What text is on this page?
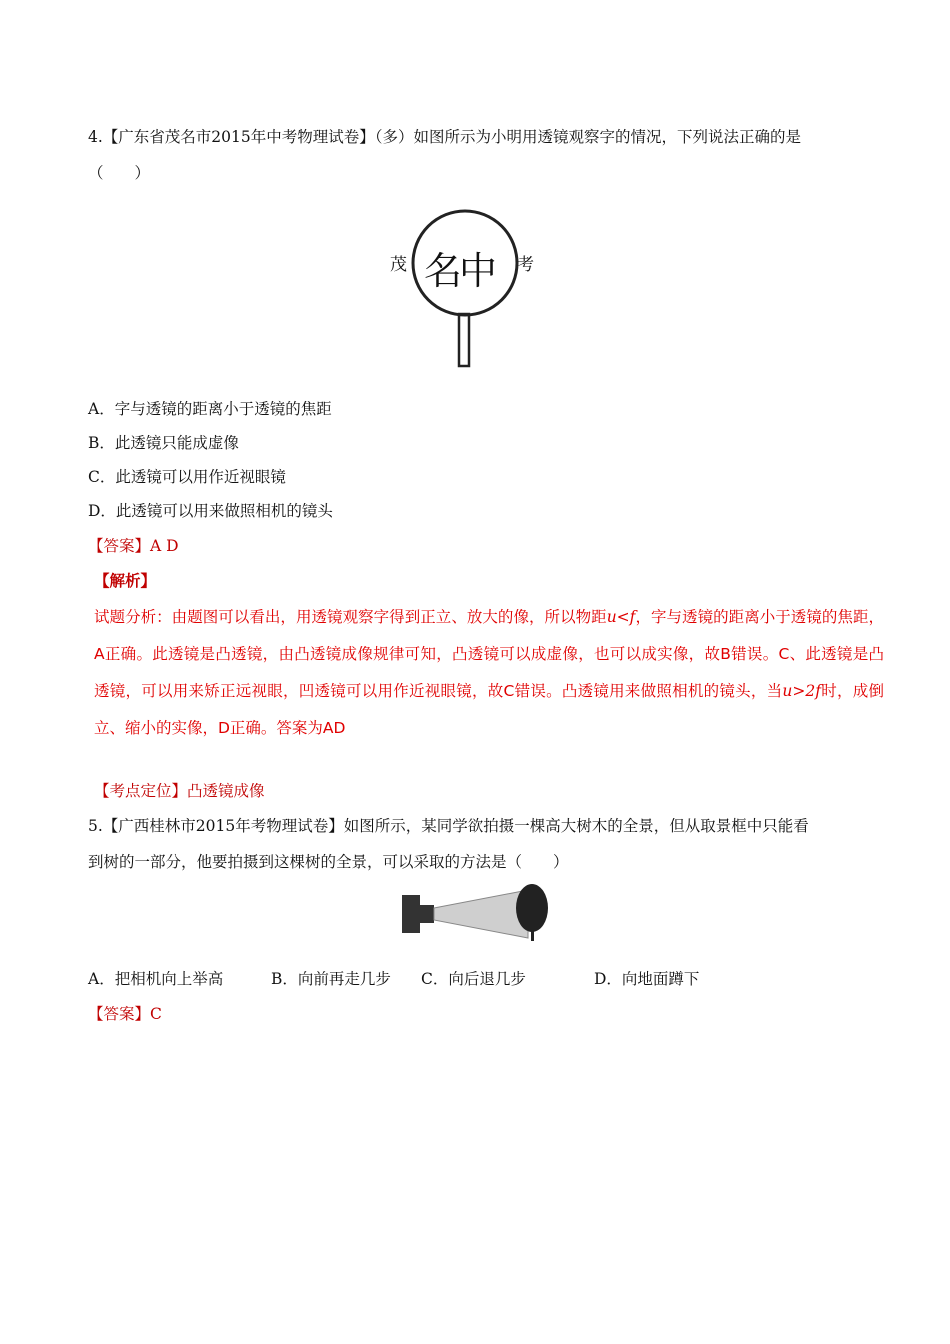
4.【广东省茂名市2015年中考物理试卷】（多）如图所示为小明用透镜观察字的情况，下列说法正确的是
（　　）
茂 名中 考
A．字与透镜的距离小于透镜的焦距
B．此透镜只能成虚像
C．此透镜可以用作近视眼镜
D．此透镜可以用来做照相机的镜头
【答案】A D
【解析】
试题分析：由题图可以看出，用透镜观察字得到正立、放大的像，所以物距u<f，字与透镜的距离小于透镜的焦距，A正确。此透镜是凸透镜，由凸透镜成像规律可知，凸透镜可以成虚像，也可以成实像，故B错误。C、此透镜是凸透镜，可以用来矫正远视眼，凹透镜可以用作近视眼镜，故C错误。凸透镜用来做照相机的镜头，当u>2f时，成倒立、缩小的实像，D正确。答案为AD
【考点定位】凸透镜成像
5.【广西桂林市2015年考物理试卷】如图所示，某同学欲拍摄一棵高大树木的全景，但从取景框中只能看
到树的一部分，他要拍摄到这棵树的全景，可以采取的方法是（　　）
A．把相机向上举高	B．向前再走几步 C．向后退几步	D．向地面蹲下
【答案】C
